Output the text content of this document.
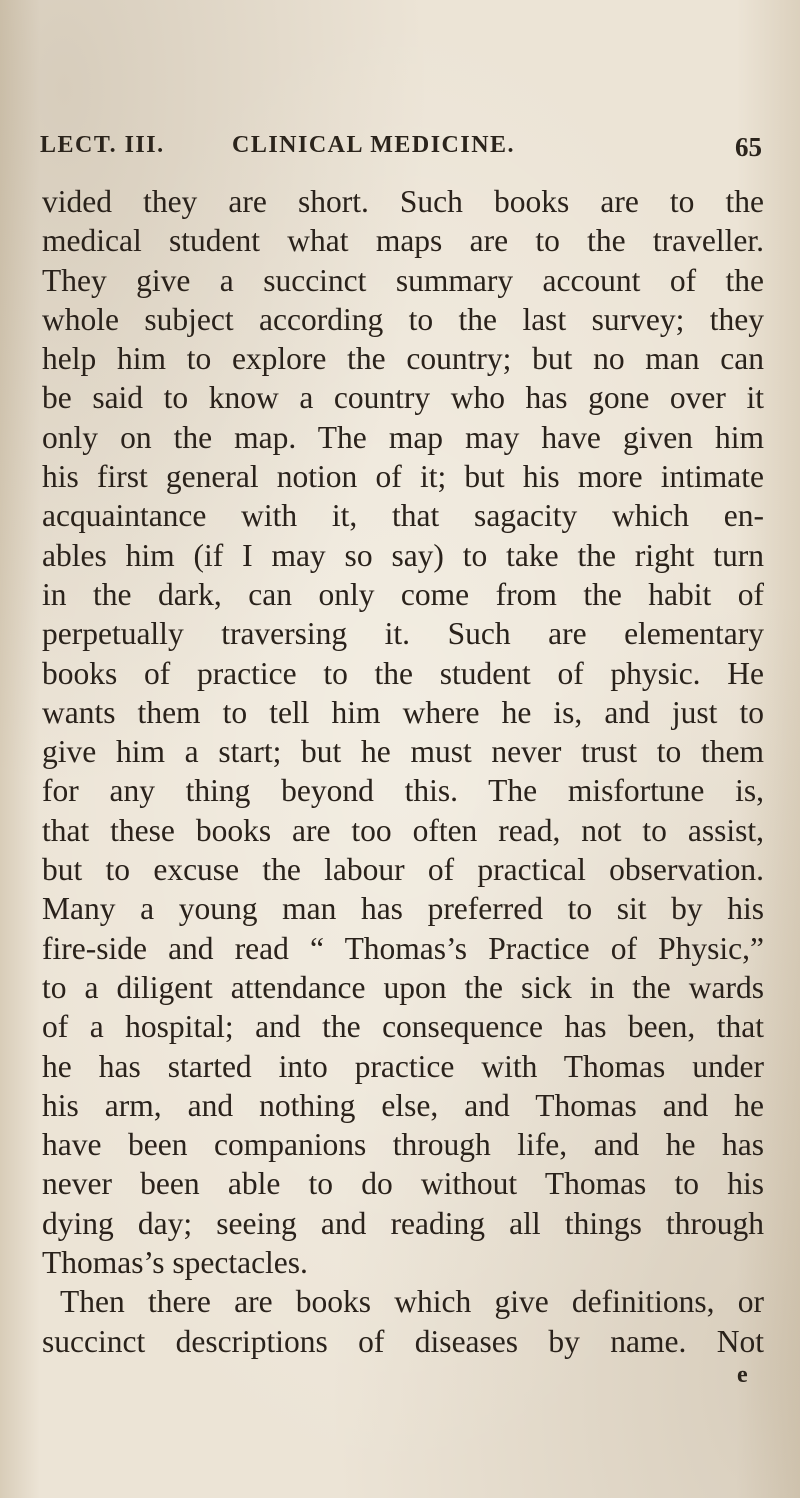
LECT. III.	CLINICAL MEDICINE.	65
vided they are short. Such books are to the
medical student what maps are to the traveller.
They give a succinct summary account of the
whole subject according to the last survey; they
help him to explore the country; but no man can
be said to know a country who has gone over it
only on the map. The map may have given him
his first general notion of it; but his more intimate
acquaintance with it, that sagacity which en-
ables him (if I may so say) to take the right turn
in the dark, can only come from the habit of
perpetually traversing it. Such are elementary
books of practice to the student of physic. He
wants them to tell him where he is, and just to
give him a start; but he must never trust to them
for any thing beyond this. The misfortune is,
that these books are too often read, not to assist,
but to excuse the labour of practical observation.
Many a young man has preferred to sit by his
fire-side and read “ Thomas’s Practice of Physic,”
to a diligent attendance upon the sick in the wards
of a hospital; and the consequence has been, that
he has started into practice with Thomas under
his arm, and nothing else, and Thomas and he
have been companions through life, and he has
never been able to do without Thomas to his
dying day; seeing and reading all things through
Thomas’s spectacles.
Then there are books which give definitions, or
succinct descriptions of diseases by name. Not
e
